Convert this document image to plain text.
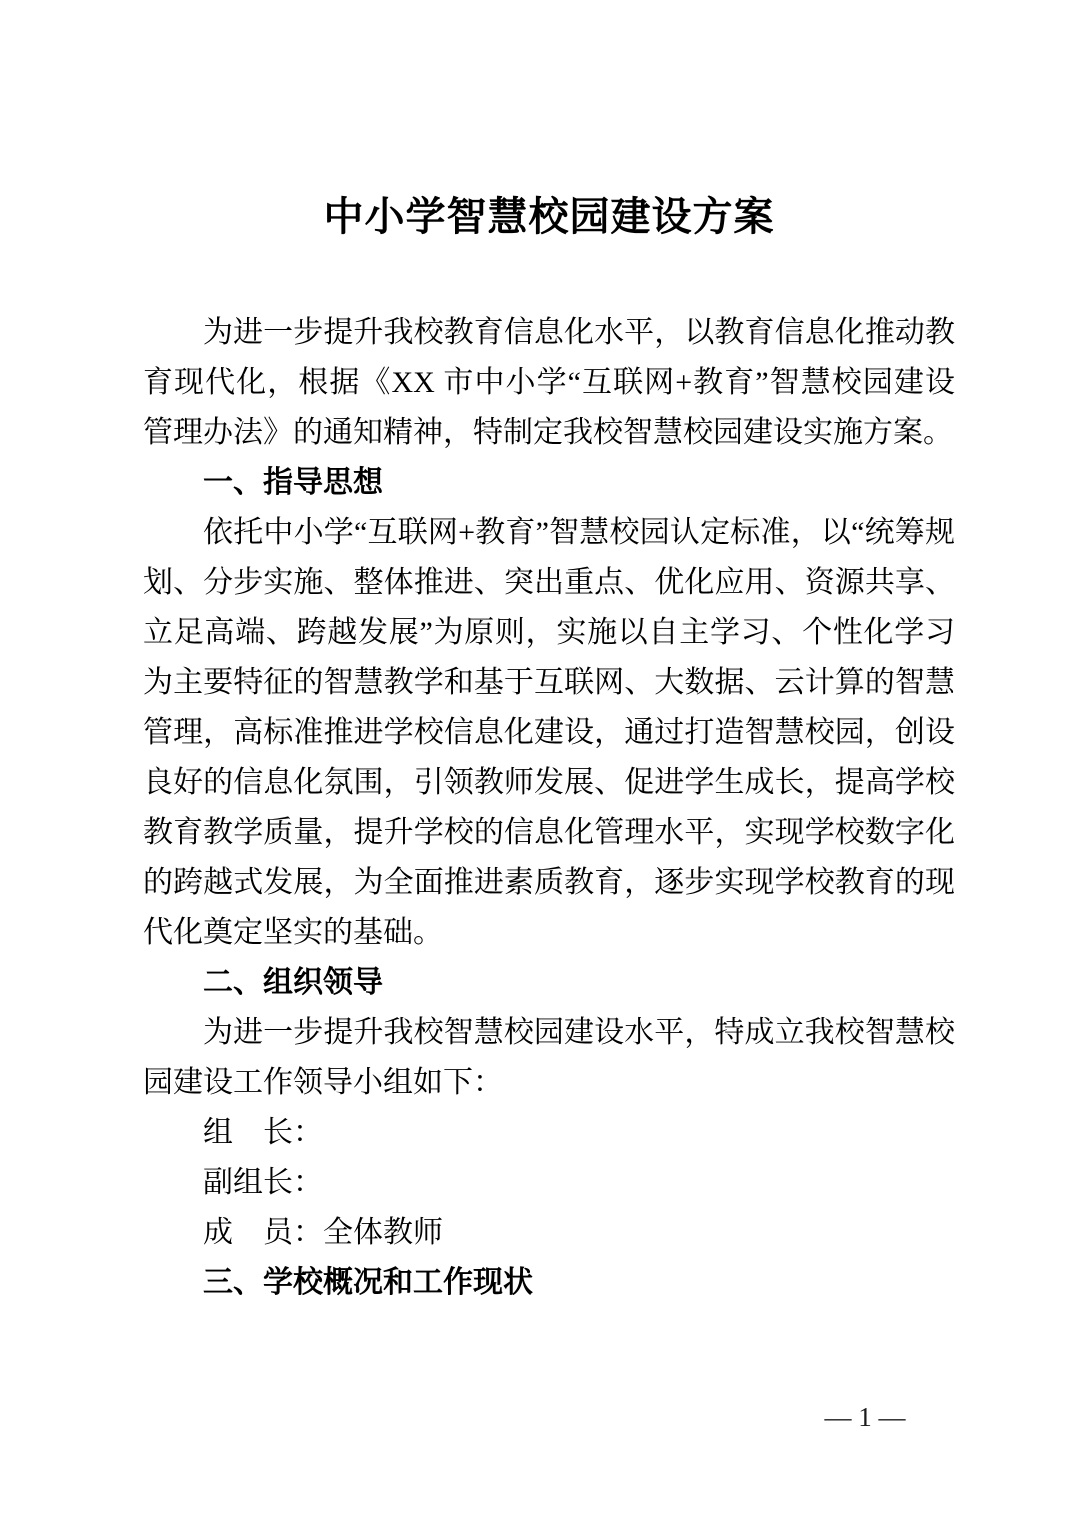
中小学智慧校园建设方案

为进一步提升我校教育信息化水平，以教育信息化推动教育现代化，根据《XX 市中小学“互联网+教育”智慧校园建设管理办法》的通知精神，特制定我校智慧校园建设实施方案。

一、指导思想

依托中小学“互联网+教育”智慧校园认定标准，以“统筹规划、分步实施、整体推进、突出重点、优化应用、资源共享、立足高端、跨越发展”为原则，实施以自主学习、个性化学习为主要特征的智慧教学和基于互联网、大数据、云计算的智慧管理，高标准推进学校信息化建设，通过打造智慧校园，创设良好的信息化氛围，引领教师发展、促进学生成长，提高学校教育教学质量，提升学校的信息化管理水平，实现学校数字化的跨越式发展，为全面推进素质教育，逐步实现学校教育的现代化奠定坚实的基础。

二、组织领导

为进一步提升我校智慧校园建设水平，特成立我校智慧校园建设工作领导小组如下：

组　长：

副组长：

成　员：全体教师

三、学校概况和工作现状
— 1 —
